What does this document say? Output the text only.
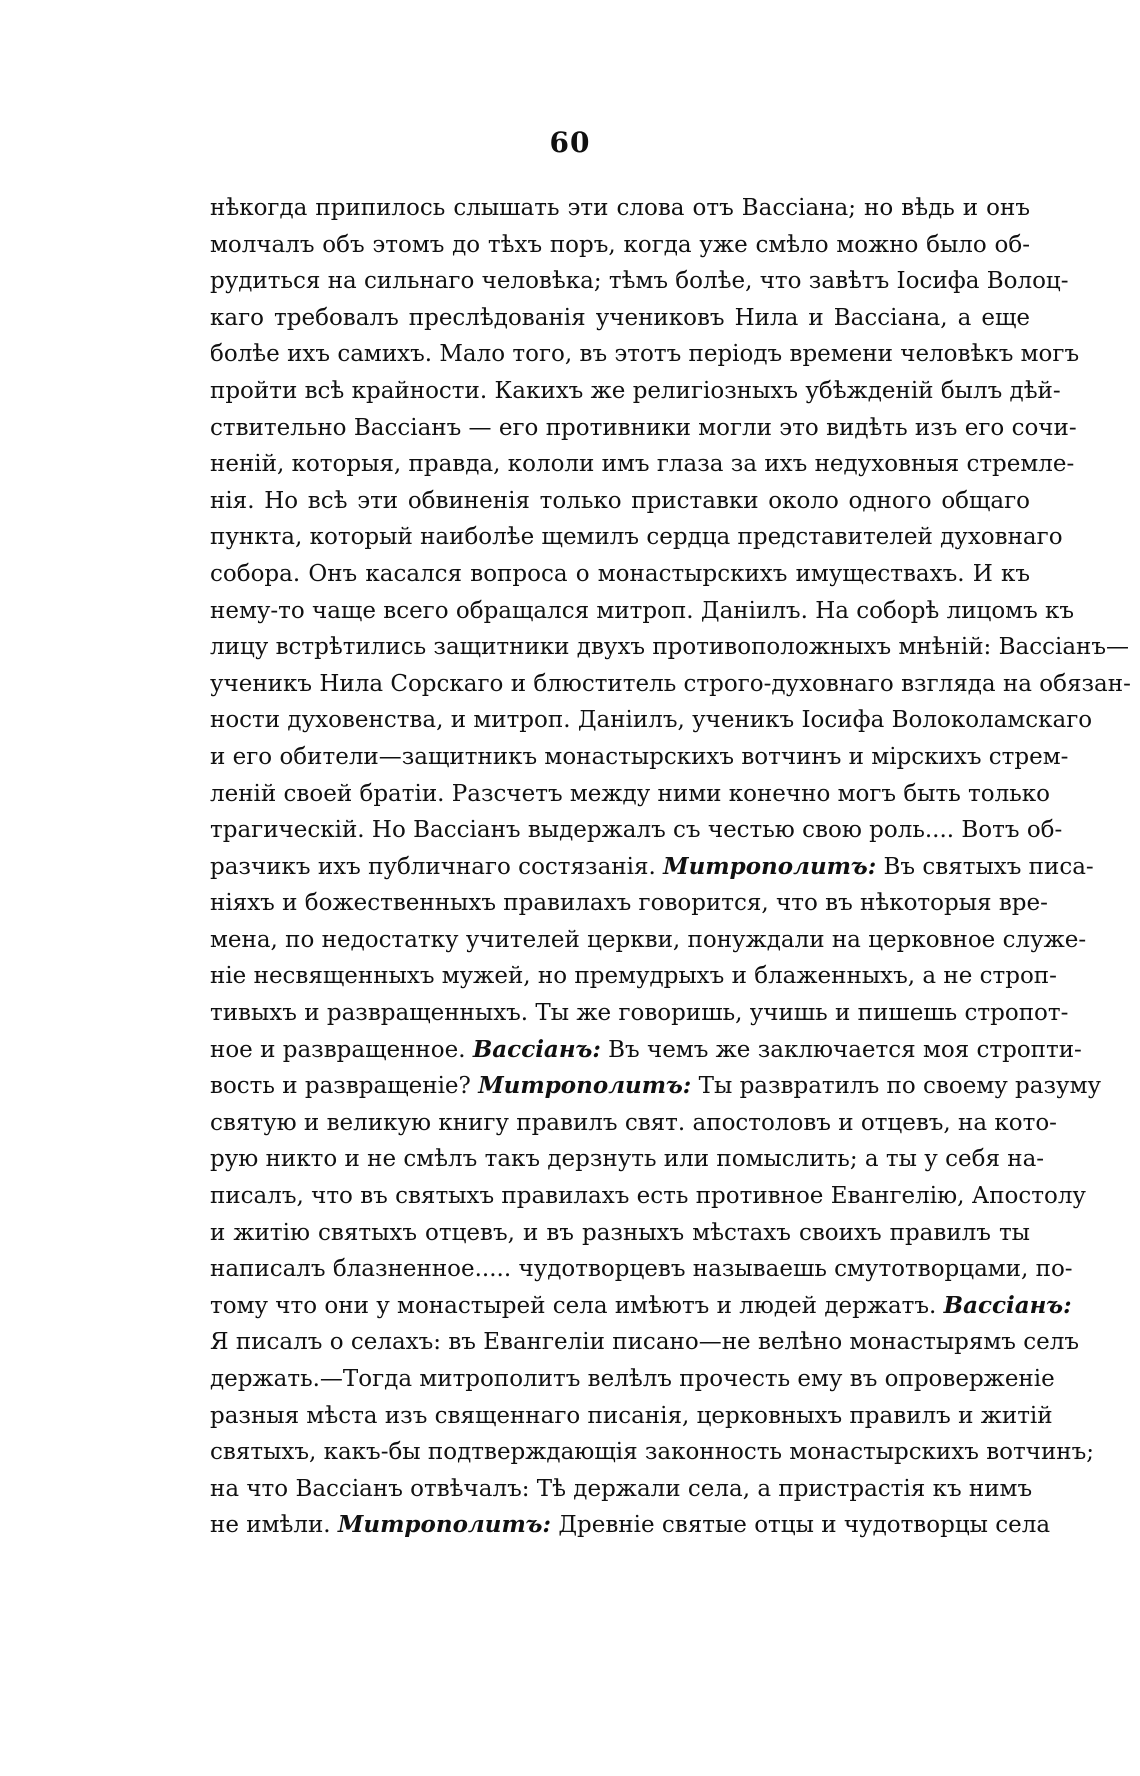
60
нѣкогда припилось слышать эти слова отъ Вассіана; но вѣдь и онъ
молчалъ объ этомъ до тѣхъ поръ, когда уже смѣло можно было об-
рудиться на сильнаго человѣка; тѣмъ болѣе, что завѣтъ Іосифа Волоц-
каго требовалъ преслѣдованія учениковъ Нила и Вассіана, а еще
болѣе ихъ самихъ. Мало того, въ этотъ періодъ времени человѣкъ могъ
пройти всѣ крайности. Какихъ же религіозныхъ убѣжденій былъ дѣй-
ствительно Вассіанъ — его противники могли это видѣть изъ его сочи-
неній, которыя, правда, кололи имъ глаза за ихъ недуховныя стремле-
нія. Но всѣ эти обвиненія только приставки около одного общаго
пункта, который наиболѣе щемилъ сердца представителей духовнаго
собора. Онъ касался вопроса о монастырскихъ имуществахъ. И къ
нему-то чаще всего обращался митроп. Даніилъ. На соборѣ лицомъ къ
лицу встрѣтились защитники двухъ противоположныхъ мнѣній: Вассіанъ—
ученикъ Нила Сорскаго и блюститель строго-духовнаго взгляда на обязан-
ности духовенства, и митроп. Даніилъ, ученикъ Іосифа Волоколамскаго
и его обители—защитникъ монастырскихъ вотчинъ и мірскихъ стрем-
леній своей братіи. Разсчетъ между ними конечно могъ быть только
трагическій. Но Вассіанъ выдержалъ съ честью свою роль.... Вотъ об-
разчикъ ихъ публичнаго состязанія. Митрополитъ: Въ святыхъ писа-
ніяхъ и божественныхъ правилахъ говорится, что въ нѣкоторыя вре-
мена, по недостатку учителей церкви, понуждали на церковное служе-
ніе несвященныхъ мужей, но премудрыхъ и блаженныхъ, а не строп-
тивыхъ и развращенныхъ. Ты же говоришь, учишь и пишешь стропот-
ное и развращенное. Вассіанъ: Въ чемъ же заключается моя стропти-
вость и развращеніе? Митрополитъ: Ты развратилъ по своему разуму
святую и великую книгу правилъ свят. апостоловъ и отцевъ, на кото-
рую никто и не смѣлъ такъ дерзнуть или помыслить; а ты у себя на-
писалъ, что въ святыхъ правилахъ есть противное Евангелію, Апостолу
и житію святыхъ отцевъ, и въ разныхъ мѣстахъ своихъ правилъ ты
написалъ блазненное..... чудотворцевъ называешь смутотворцами, по-
тому что они у монастырей села имѣютъ и людей держатъ. Вассіанъ:
Я писалъ о селахъ: въ Евангеліи писано—не велѣно монастырямъ селъ
держать.—Тогда митрополитъ велѣлъ прочесть ему въ опроверженіе
разныя мѣста изъ священнаго писанія, церковныхъ правилъ и житій
святыхъ, какъ-бы подтверждающія законность монастырскихъ вотчинъ;
на что Вассіанъ отвѣчалъ: Тѣ держали села, а пристрастія къ нимъ
не имѣли. Митрополитъ: Древніе святые отцы и чудотворцы села
